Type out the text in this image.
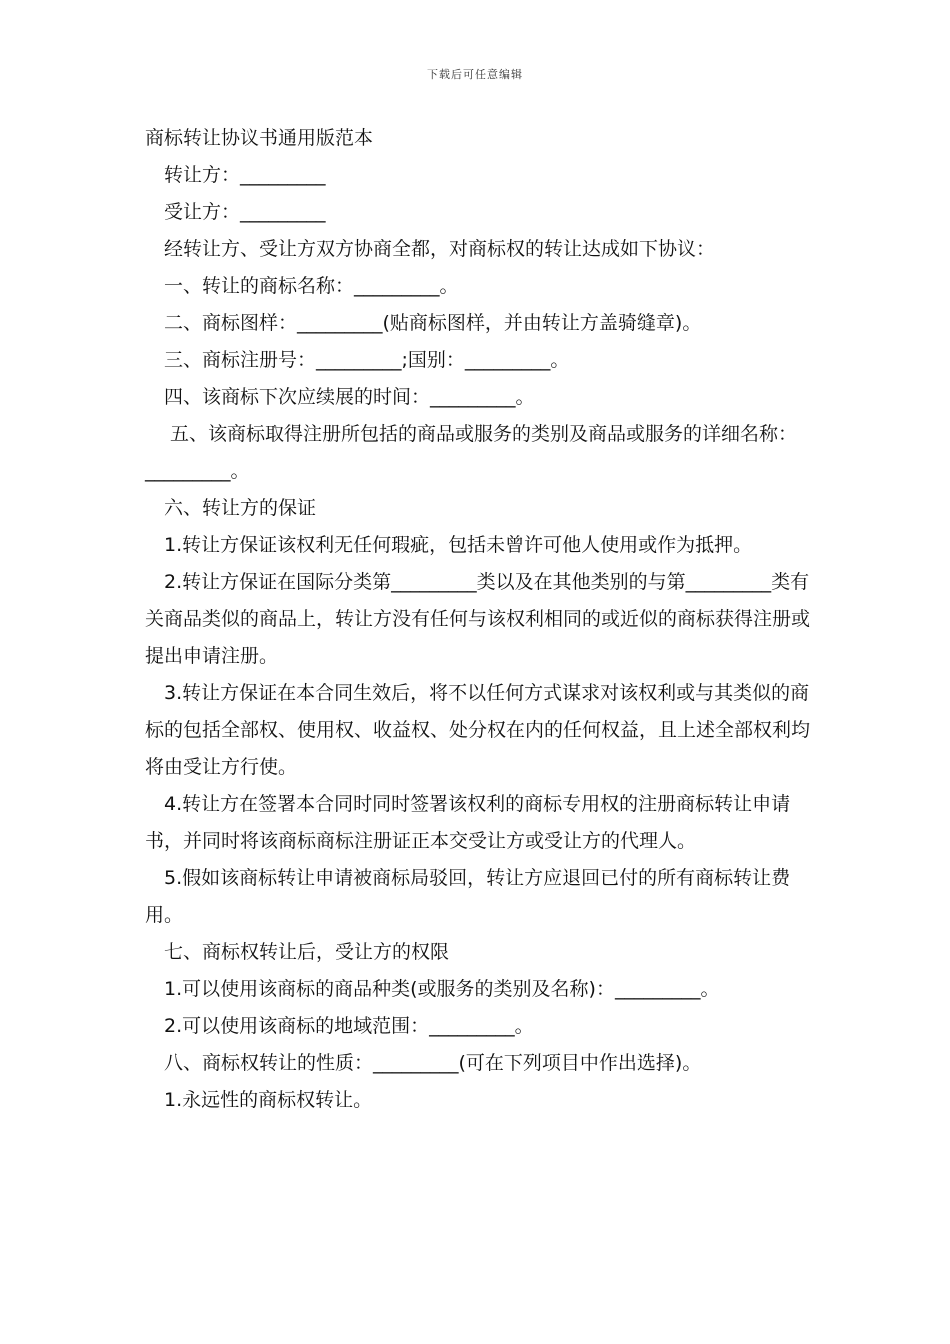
下载后可任意编辑

商标转让协议书通用版范本

转让方：_________

受让方：_________

经转让方、受让方双方协商全都，对商标权的转让达成如下协议：

一、转让的商标名称：_________。

二、商标图样：_________(贴商标图样，并由转让方盖骑缝章)。

三、商标注册号：_________;国别：_________。

四、该商标下次应续展的时间：_________。

五、该商标取得注册所包括的商品或服务的类别及商品或服务的详细名称：_________。

六、转让方的保证

1.转让方保证该权利无任何瑕疵，包括未曾许可他人使用或作为抵押。

2.转让方保证在国际分类第_________类以及在其他类别的与第_________类有关商品类似的商品上，转让方没有任何与该权利相同的或近似的商标获得注册或提出申请注册。

3.转让方保证在本合同生效后，将不以任何方式谋求对该权利或与其类似的商标的包括全部权、使用权、收益权、处分权在内的任何权益，且上述全部权利均将由受让方行使。

4.转让方在签署本合同时同时签署该权利的商标专用权的注册商标转让申请书，并同时将该商标商标注册证正本交受让方或受让方的代理人。

5.假如该商标转让申请被商标局驳回，转让方应退回已付的所有商标转让费用。

七、商标权转让后，受让方的权限

1.可以使用该商标的商品种类(或服务的类别及名称)：_________。

2.可以使用该商标的地域范围：_________。

八、商标权转让的性质：_________(可在下列项目中作出选择)。

1.永远性的商标权转让。
